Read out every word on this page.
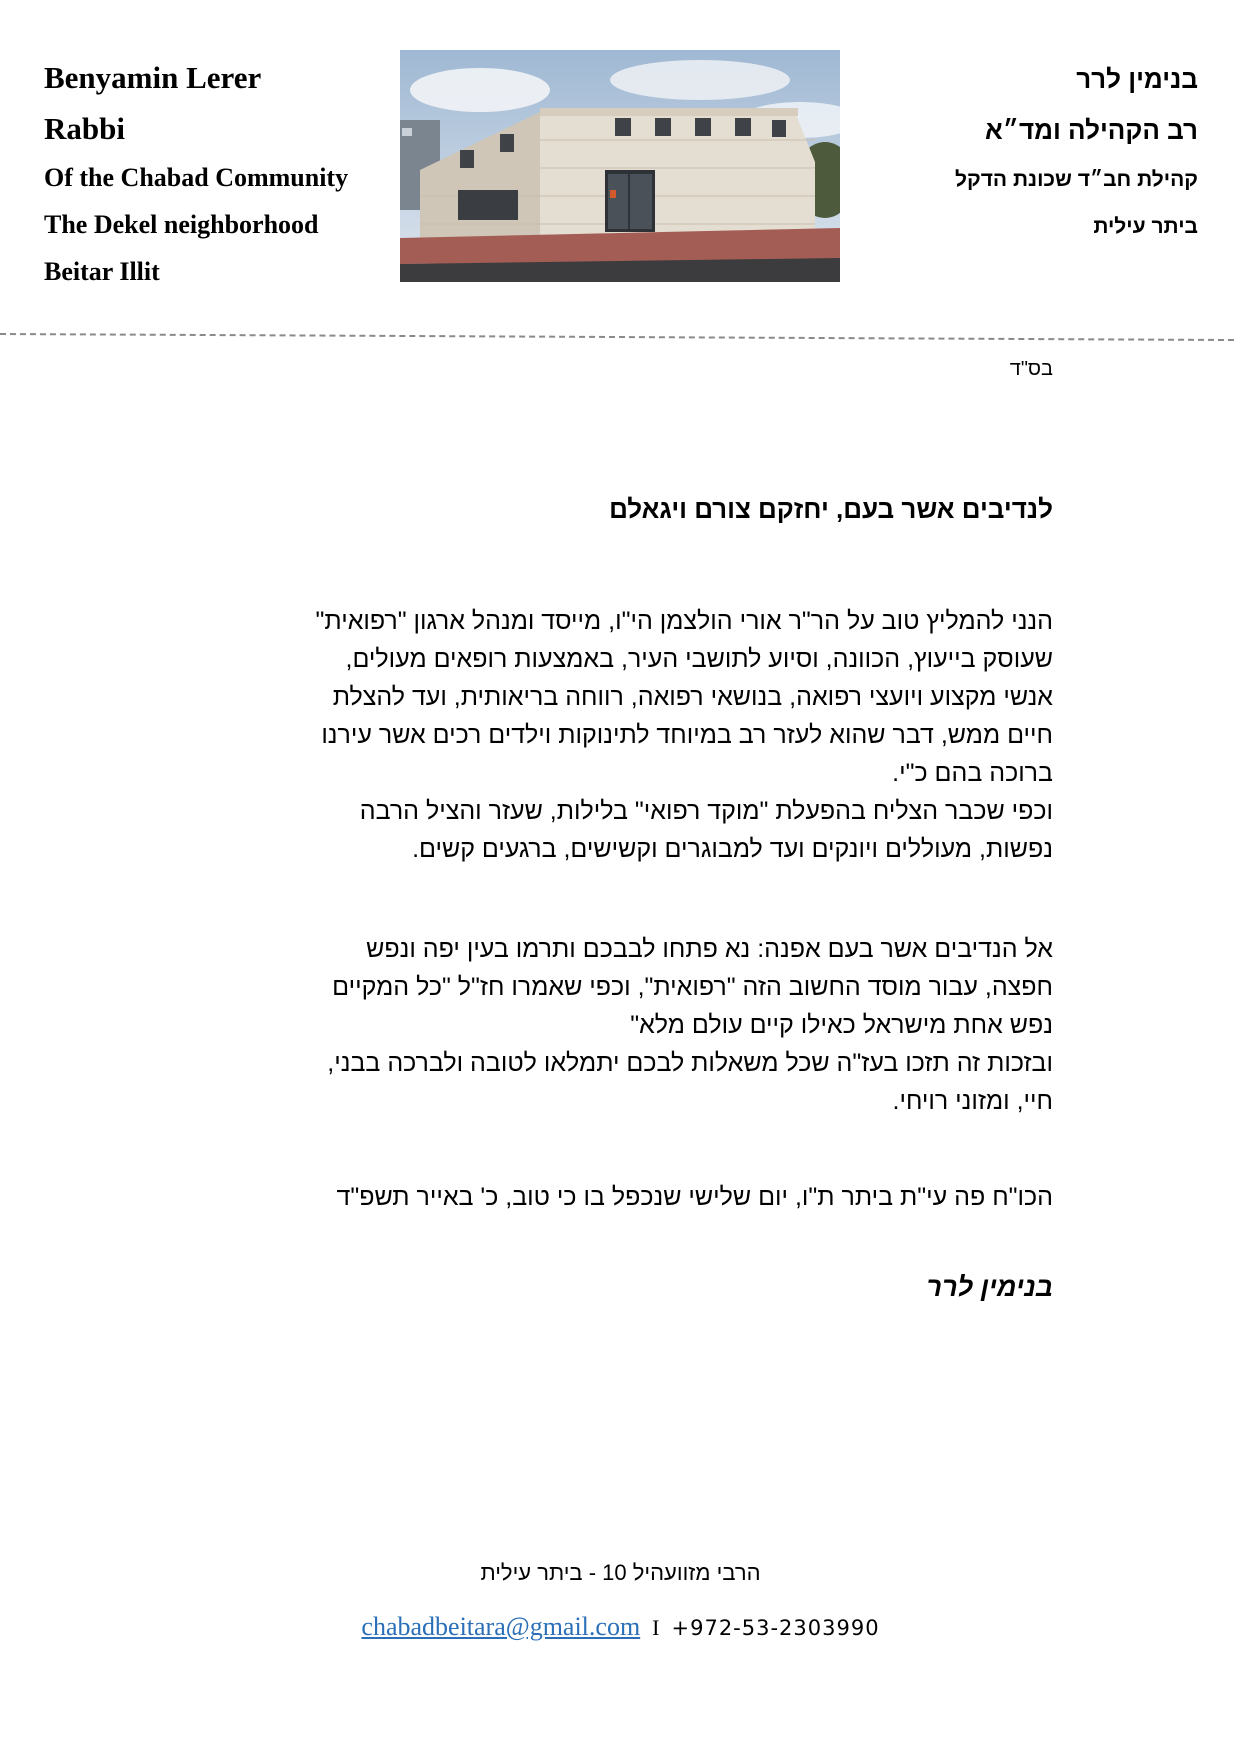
Benyamin Lerer
Rabbi
Of the Chabad Community
The Dekel neighborhood
Beitar Illit
בנימין לרר
רב הקהילה ומד״א
קהילת חב״ד שכונת הדקל
ביתר עילית
בס"ד
לנדיבים אשר בעם, יחזקם צורם ויגאלם
הנני להמליץ טוב על הר"ר אורי הולצמן הי"ו, מייסד ומנהל ארגון "רפואית"
שעוסק בייעוץ, הכוונה, וסיוע לתושבי העיר, באמצעות רופאים מעולים,
אנשי מקצוע ויועצי רפואה, בנושאי רפואה, רווחה בריאותית, ועד להצלת
חיים ממש, דבר שהוא לעזר רב במיוחד לתינוקות וילדים רכים אשר עירנו
ברוכה בהם כ"י.
וכפי שכבר הצליח בהפעלת "מוקד רפואי" בלילות, שעזר והציל הרבה
נפשות, מעוללים ויונקים ועד למבוגרים וקשישים, ברגעים קשים.
אל הנדיבים אשר בעם אפנה: נא פתחו לבבכם ותרמו בעין יפה ונפש
חפצה, עבור מוסד החשוב הזה "רפואית", וכפי שאמרו חז"ל "כל המקיים
נפש אחת מישראל כאילו קיים עולם מלא"
ובזכות זה תזכו בעז"ה שכל משאלות לבכם יתמלאו לטובה ולברכה בבני,
חיי, ומזוני רויחי.
הכו"ח פה עי"ת ביתר ת"ו, יום שלישי שנכפל בו כי טוב, כ' באייר תשפ"ד
בנימין לרר
הרבי מזוועהיל 10 - ביתר עילית
chabadbeitara@gmail.com I +972-53-2303990
